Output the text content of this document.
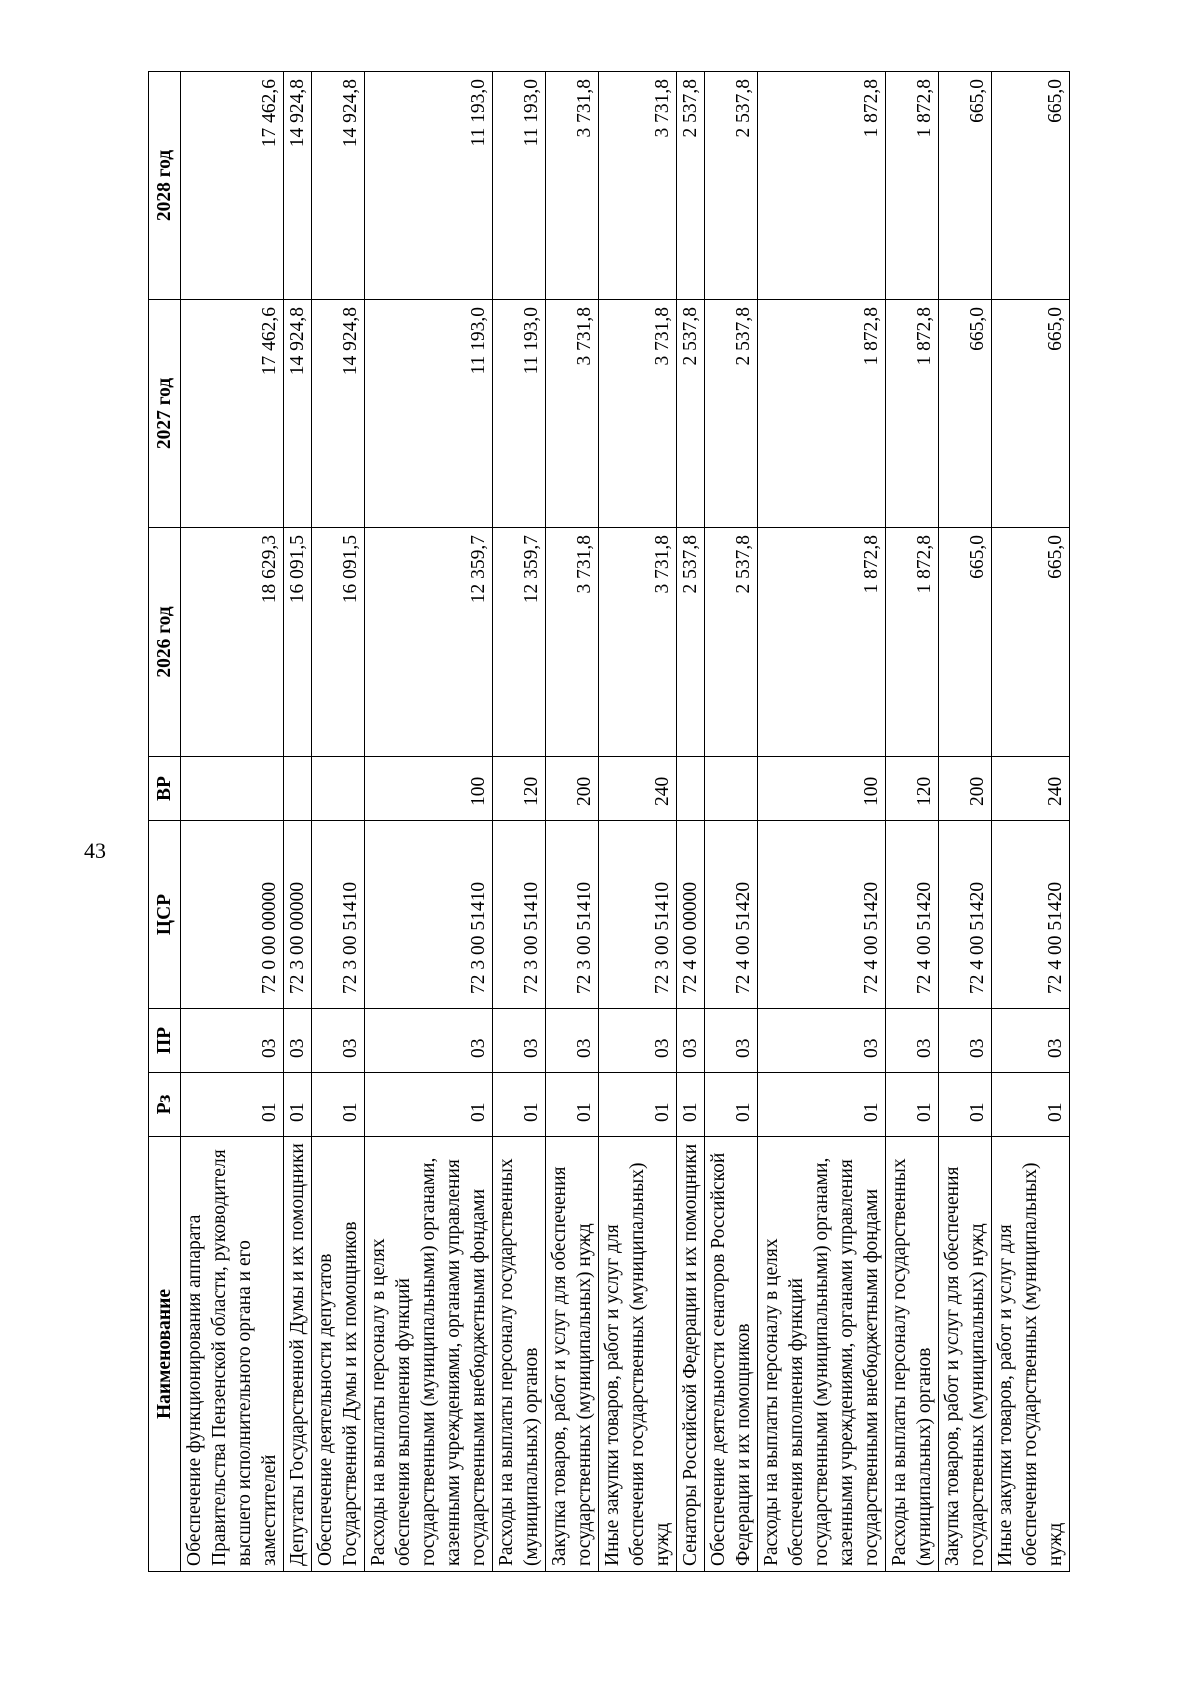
43
Наименование	Рз	ПР	ЦСР	ВР	2026 год	2027 год	2028 год
Обеспечение функционирования аппарата Правительства Пензенской области, руководителя высшего исполнительного органа и его заместителей	01	03	72 0 00 00000		18 629,3	17 462,6	17 462,6
Депутаты Государственной Думы и их помощники	01	03	72 3 00 00000		16 091,5	14 924,8	14 924,8
Обеспечение деятельности депутатов Государственной Думы и их помощников	01	03	72 3 00 51410		16 091,5	14 924,8	14 924,8
Расходы на выплаты персоналу в целях обеспечения выполнения функций государственными (муниципальными) органами, казенными учреждениями, органами управления государственными внебюджетными фондами	01	03	72 3 00 51410	100	12 359,7	11 193,0	11 193,0
Расходы на выплаты персоналу государственных (муниципальных) органов	01	03	72 3 00 51410	120	12 359,7	11 193,0	11 193,0
Закупка товаров, работ и услуг для обеспечения государственных (муниципальных) нужд	01	03	72 3 00 51410	200	3 731,8	3 731,8	3 731,8
Иные закупки товаров, работ и услуг для обеспечения государственных (муниципальных) нужд	01	03	72 3 00 51410	240	3 731,8	3 731,8	3 731,8
Сенаторы Российской Федерации и их помощники	01	03	72 4 00 00000		2 537,8	2 537,8	2 537,8
Обеспечение деятельности сенаторов Российской Федерации и их помощников	01	03	72 4 00 51420		2 537,8	2 537,8	2 537,8
Расходы на выплаты персоналу в целях обеспечения выполнения функций государственными (муниципальными) органами, казенными учреждениями, органами управления государственными внебюджетными фондами	01	03	72 4 00 51420	100	1 872,8	1 872,8	1 872,8
Расходы на выплаты персоналу государственных (муниципальных) органов	01	03	72 4 00 51420	120	1 872,8	1 872,8	1 872,8
Закупка товаров, работ и услуг для обеспечения государственных (муниципальных) нужд	01	03	72 4 00 51420	200	665,0	665,0	665,0
Иные закупки товаров, работ и услуг для обеспечения государственных (муниципальных) нужд	01	03	72 4 00 51420	240	665,0	665,0	665,0
